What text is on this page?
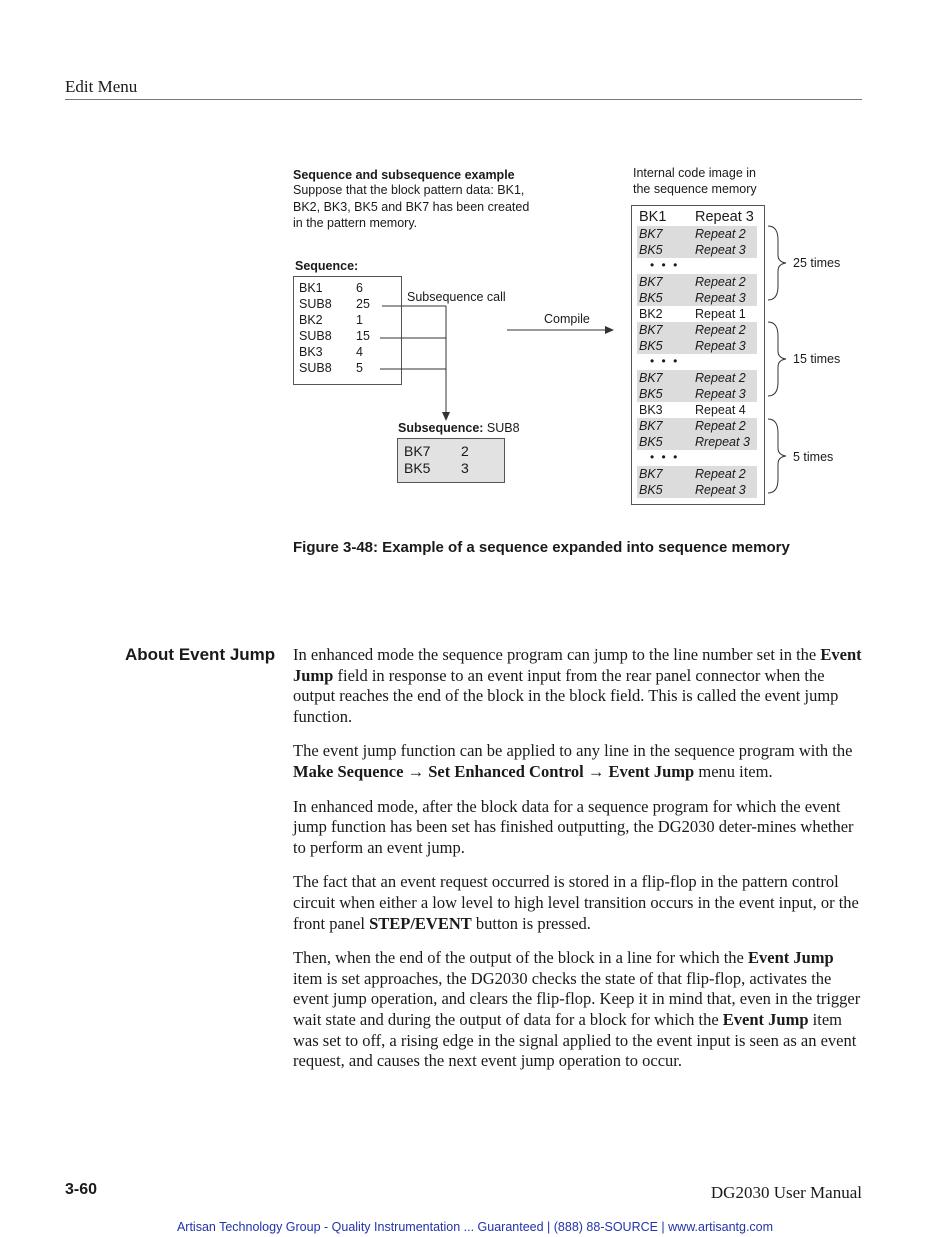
Edit Menu
Sequence and subsequence example
Suppose that the block pattern data: BK1,
BK2, BK3, BK5 and BK7 has been created
in the pattern memory.
Sequence:
BK1	6
SUB8 25
BK2	1
SUB8 15
BK3	4
SUB8 5
Subsequence call
Compile
Subsequence: SUB8
BK7 2
BK5 3
Internal code image in
the sequence memory
BK1 Repeat 3
BK7	Repeat 2
BK5	Repeat 3
• • •
BK7	Repeat 2
BK5	Repeat 3
BK2	Repeat 1
BK7	Repeat 2
BK5	Repeat 3
• • •
BK7	Repeat 2
BK5	Repeat 3
BK3	Repeat 4
BK7	Repeat 2
BK5	Rrepeat 3
• • •
BK7	Repeat 2
BK5	Repeat 3
25 times
15 times
5 times
Figure 3-48: Example of a sequence expanded into sequence memory
About Event Jump In enhanced mode the sequence program can jump to the line number set in the Event Jump field in response to an event input from the rear panel connector when the output reaches the end of the block in the block field. This is called the event jump function.

The event jump function can be applied to any line in the sequence program with the Make Sequence → Set Enhanced Control → Event Jump menu item.

In enhanced mode, after the block data for a sequence program for which the event jump function has been set has finished outputting, the DG2030 deter-mines whether to perform an event jump.

The fact that an event request occurred is stored in a flip-flop in the pattern control circuit when either a low level to high level transition occurs in the event input, or the front panel STEP/EVENT button is pressed.

Then, when the end of the output of the block in a line for which the Event Jump item is set approaches, the DG2030 checks the state of that flip-flop, activates the event jump operation, and clears the flip-flop. Keep it in mind that, even in the trigger wait state and during the output of data for a block for which the Event Jump item was set to off, a rising edge in the signal applied to the event input is seen as an event request, and causes the next event jump operation to occur.

3-60	DG2030 User Manual
Artisan Technology Group - Quality Instrumentation ... Guaranteed | (888) 88-SOURCE | www.artisantg.com
